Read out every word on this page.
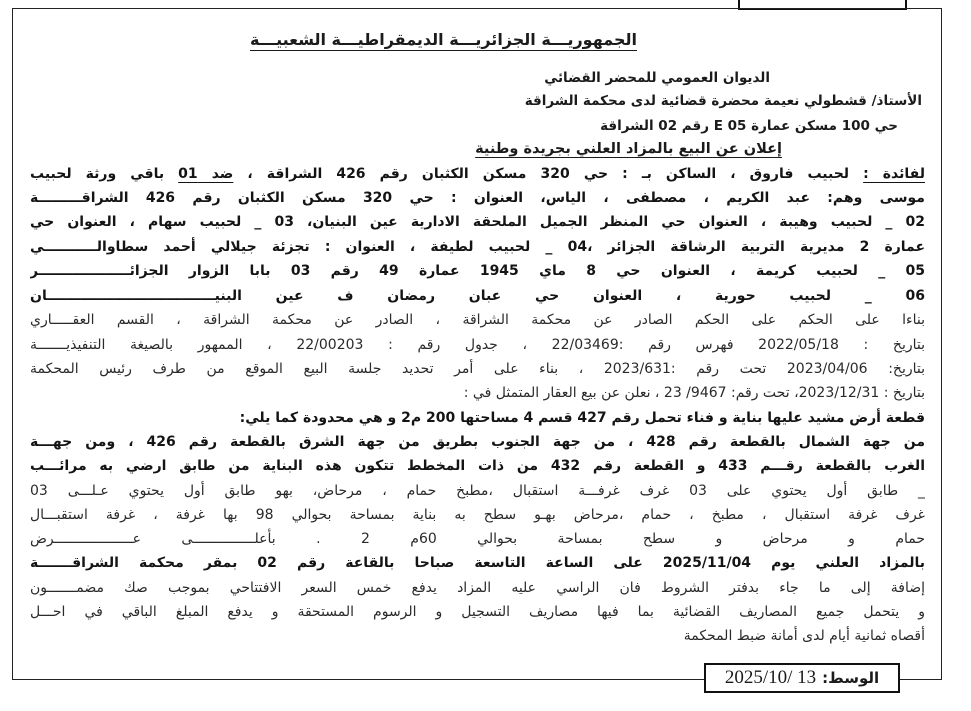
الجمهوريـــة الجزائريـــة الديمقراطيـــة الشعبيـــة
الديوان العمومي للمحضر القضائي
الأستاذ/ قشطولي نعيمة محضرة قضائية لدى محكمة الشراقة
حي 100 مسكن عمارة 05 E رقم 02 الشراقة
إعلان عن البيع بالمزاد العلني بجريدة وطنية
لفائدة : لحبيب فاروق ، الساكن بـ : حي 320 مسكن الكثبان رقم 426 الشراقة ، ضد 01 باقي ورثة لحبيب
موسى وهم: عبد الكريم ، مصطفى ، الياس، العنوان : حي 320 مسكن الكثبان رقم 426 الشراقـــــــــة
02 _ لحبيب وهيبة ، العنوان حي المنظر الجميل الملحقة الادارية عين البنيان، 03 _ لحبيب سهام ، العنوان حي
عمارة 2 مديرية التربية الرشاقة الجزائر ،04 _ لحبيب لطيفة ، العنوان : تجزئة جيلالي أحمد سطاوالـــــــــــي
05 _ لحبيب كريمة ، العنوان حي 8 ماي 1945 عمارة 49 رقم 03 بابا الزوار الجزائـــــــــــــــــــر
06 _ لحبيب حورية ، العنوان حي عبان رمضان ف عين البنيـــــــــــــــــــــــــــــــــــان
بناءا على الحكم على الحكم الصادر عن محكمة الشراقة ، الصادر عن محكمة الشراقة ، القسم العقـــــاري
بتاريخ : 2022/05/18 فهرس رقم :22/03469 ، جدول رقم : 22/00203 ، الممهور بالصيغة التنفيذيـــــــة
بتاريخ: 2023/04/06 تحت رقم :2023/631 ، بناء على أمر تحديد جلسة البيع الموقع من طرف رئيس المحكمة
بتاريخ : 2023/12/31، تحت رقم: 9467/ 23 ، نعلن عن بيع العقار المتمثل في :
قطعة أرض مشيد عليها بناية و فناء تحمل رقم 427 قسم 4 مساحتها 200 م2 و هي محدودة كما يلي:
من جهة الشمال بالقطعة رقم 428 ، من جهة الجنوب بطريق من جهة الشرق بالقطعة رقم 426 ، ومن جهـــة
الغرب بالقطعة رقـــم 433 و القطعة رقم 432 من ذات المخطط تتكون هذه البناية من طابق ارضي به مرائـــب
_ طابق أول يحتوي على 03 غرف غرفـــة استقبال ،مطبخ حمام ، مرحاض، بهو طابق أول يحتوي عـلـــى 03
غرف غرفة استقبال ، مطبخ ، حمام ،مرحاض بهـو سطح به بناية بمساحة بحوالي 98 بها غرفة ، غرفة استقبـــال
حمام و مرحاض و سطح بمساحة بحوالي 60م 2 . بأعلـــــــــــــــى عـــــــــــــــــــرض
بالمزاد العلني يوم 2025/11/04 على الساعة التاسعة صباحا بالقاعة رقم 02 بمقر محكمة الشراقـــــــة
إضافة إلى ما جاء بدفتر الشروط فان الراسي عليه المزاد يدفع خمس السعر الافتتاحي بموجب صك مضمـــــــون
و يتحمل جميع المصاريف القضائية بما فيها مصاريف التسجيل و الرسوم المستحقة و يدفع المبلغ الباقي في احـــل
أقصاه ثمانية أيام لدى أمانة ضبط المحكمة
الوسط:
2025/10/ 13
